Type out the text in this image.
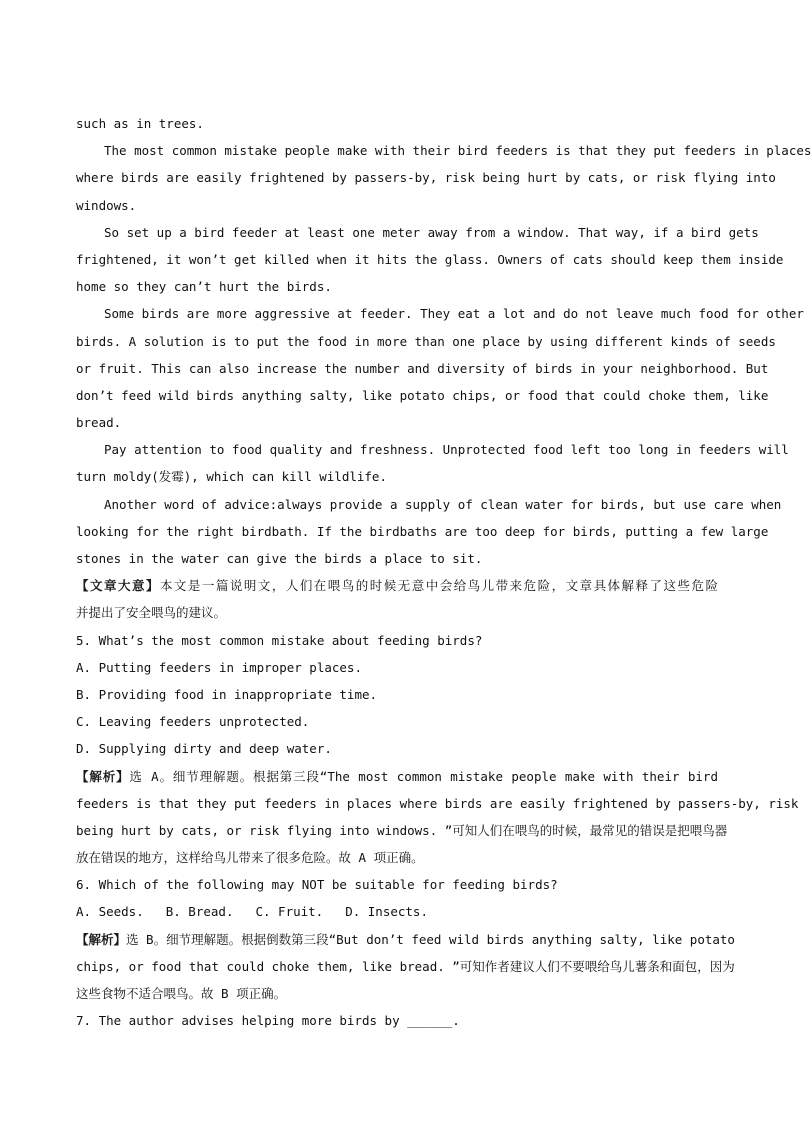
such as in trees.
The most common mistake people make with their bird feeders is that they put feeders in places
where birds are easily frightened by passers-by, risk being hurt by cats, or risk flying into
windows.
So set up a bird feeder at least one meter away from a window. That way, if a bird gets
frightened, it won’t get killed when it hits the glass. Owners of cats should keep them inside
home so they can’t hurt the birds.
Some birds are more aggressive at feeder. They eat a lot and do not leave much food for other
birds. A solution is to put the food in more than one place by using different kinds of seeds
or fruit. This can also increase the number and diversity of birds in your neighborhood. But
don’t feed wild birds anything salty, like potato chips, or food that could choke them, like
bread.
Pay attention to food quality and freshness. Unprotected food left too long in feeders will
turn moldy(发霉), which can kill wildlife.
Another word of advice:always provide a supply of clean water for birds, but use care when
looking for the right birdbath. If the birdbaths are too deep for birds, putting a few large
stones in the water can give the birds a place to sit.
【文章大意】本文是一篇说明文，人们在喂鸟的时候无意中会给鸟儿带来危险，文章具体解释了这些危险
并提出了安全喂鸟的建议。
5. What’s the most common mistake about feeding birds?
A. Putting feeders in improper places.
B. Providing food in inappropriate time.
C. Leaving feeders unprotected.
D. Supplying dirty and deep water.
【解析】选 A。细节理解题。根据第三段“The most common mistake people make with their bird
feeders is that they put feeders in places where birds are easily frightened by passers-by, risk
being hurt by cats, or risk flying into windows. ”可知人们在喂鸟的时候，最常见的错误是把喂鸟器
放在错误的地方，这样给鸟儿带来了很多危险。故 A 项正确。
6. Which of the following may NOT be suitable for feeding birds?
A. Seeds. B. Bread. C. Fruit. D. Insects.
【解析】选 B。细节理解题。根据倒数第三段“But don’t feed wild birds anything salty, like potato
chips, or food that could choke them, like bread. ”可知作者建议人们不要喂给鸟儿薯条和面包，因为
这些食物不适合喂鸟。故 B 项正确。
7. The author advises helping more birds by ______.
